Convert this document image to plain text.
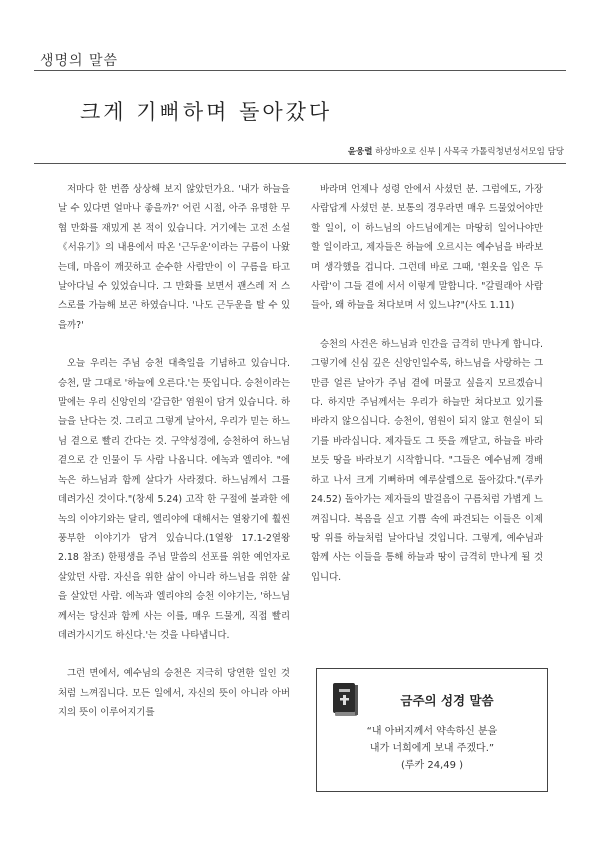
생명의 말씀
크게 기뻐하며 돌아갔다
윤웅렬 하상바오로 신부 | 사목국 가톨릭청년성서모임 담당

저마다 한 번쯤 상상해 보지 않았던가요. '내가 하늘을 날 수 있다면 얼마나 좋을까?' 어린 시절, 아주 유명한 무협 만화를 재밌게 본 적이 있습니다. 거기에는 고전 소설 《서유기》의 내용에서 따온 '근두운'이라는 구름이 나왔는데, 마음이 깨끗하고 순수한 사람만이 이 구름을 타고 날아다닐 수 있었습니다. 그 만화를 보면서 괜스레 저 스스로를 가늠해 보곤 하였습니다. '나도 근두운을 탈 수 있을까?'

오늘 우리는 주님 승천 대축일을 기념하고 있습니다. 승천, 말 그대로 '하늘에 오른다.'는 뜻입니다. 승천이라는 말에는 우리 신앙인의 '갈급한' 염원이 담겨 있습니다. 하늘을 난다는 것. 그리고 그렇게 날아서, 우리가 믿는 하느님 곁으로 빨리 간다는 것. 구약성경에, 승천하여 하느님 곁으로 간 인물이 두 사람 나옵니다. 에녹과 엘리야. "에녹은 하느님과 함께 살다가 사라졌다. 하느님께서 그를 데려가신 것이다."(창세 5.24) 고작 한 구절에 불과한 에녹의 이야기와는 달리, 엘리야에 대해서는 열왕기에 훨씬 풍부한 이야기가 담겨 있습니다.(1열왕 17.1-2열왕 2.18 참조) 한평생을 주님 말씀의 선포를 위한 예언자로 살았던 사람. 자신을 위한 삶이 아니라 하느님을 위한 삶을 살았던 사람. 에녹과 엘리야의 승천 이야기는, '하느님께서는 당신과 함께 사는 이를, 매우 드물게, 직접 빨리 데려가시기도 하신다.'는 것을 나타냅니다.

그런 면에서, 예수님의 승천은 지극히 당연한 일인 것처럼 느껴집니다. 모든 일에서, 자신의 뜻이 아니라 아버지의 뜻이 이루어지기를

바라며 언제나 성령 안에서 사셨던 분. 그럼에도, 가장 사람답게 사셨던 분. 보통의 경우라면 매우 드물었어야만 할 일이, 이 하느님의 아드님에게는 마땅히 일어나야만 할 일이라고, 제자들은 하늘에 오르시는 예수님을 바라보며 생각했을 겁니다. 그런데 바로 그때, '흰옷을 입은 두 사람'이 그들 곁에 서서 이렇게 말합니다. "갈릴래아 사람들아, 왜 하늘을 쳐다보며 서 있느냐?"(사도 1.11)

승천의 사건은 하느님과 인간을 급격히 만나게 합니다. 그렇기에 신심 깊은 신앙인일수록, 하느님을 사랑하는 그만큼 얼른 날아가 주님 곁에 머물고 싶을지 모르겠습니다. 하지만 주님께서는 우리가 하늘만 쳐다보고 있기를 바라지 않으십니다. 승천이, 염원이 되지 않고 현실이 되기를 바라십니다. 제자들도 그 뜻을 깨닫고, 하늘을 바라보듯 땅을 바라보기 시작합니다. "그들은 예수님께 경배하고 나서 크게 기뻐하며 예루살렘으로 돌아갔다."(루카 24.52) 돌아가는 제자들의 발걸음이 구름처럼 가볍게 느껴집니다. 복음을 싣고 기쁨 속에 파견되는 이들은 이제 땅 위를 하늘처럼 날아다닐 것입니다. 그렇게, 예수님과 함께 사는 이들을 통해 하늘과 땅이 급격히 만나게 될 것입니다.

금주의 성경 말씀
“내 아버지께서 약속하신 분을
내가 너희에게 보내 주겠다.”
(루카 24,49 )
